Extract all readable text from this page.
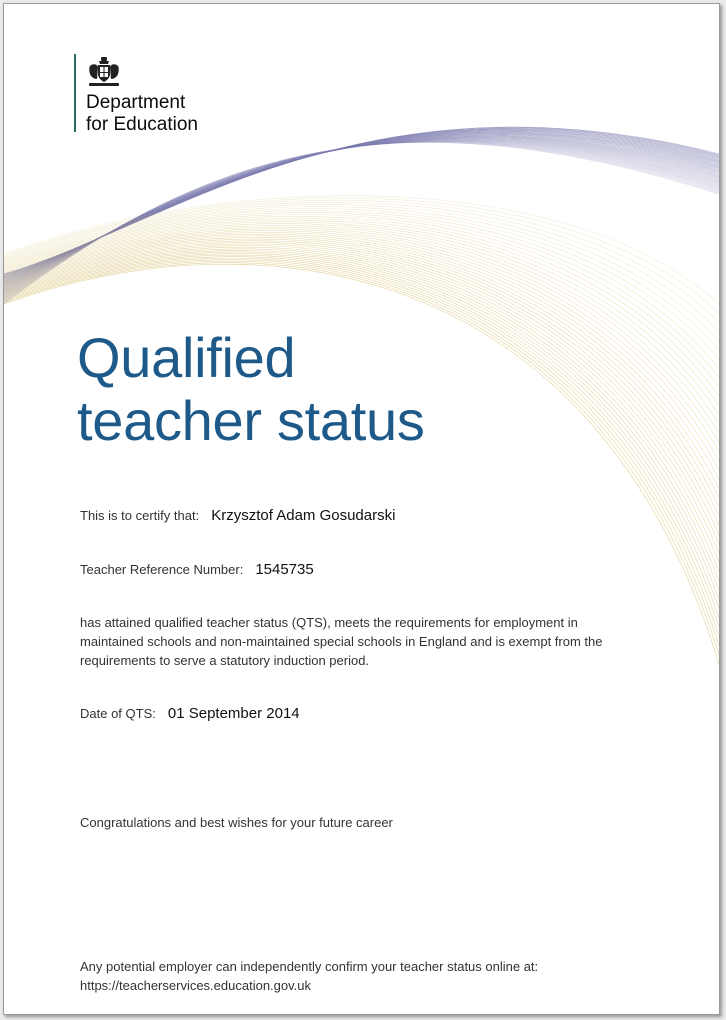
Department
for Education
Qualified
teacher status
This is to certify that: Krzysztof Adam Gosudarski
Teacher Reference Number: 1545735
has attained qualified teacher status (QTS), meets the requirements for employment in
maintained schools and non-maintained special schools in England and is exempt from the
requirements to serve a statutory induction period.
Date of QTS: 01 September 2014
Congratulations and best wishes for your future career
Any potential employer can independently confirm your teacher status online at:
https://teacherservices.education.gov.uk
